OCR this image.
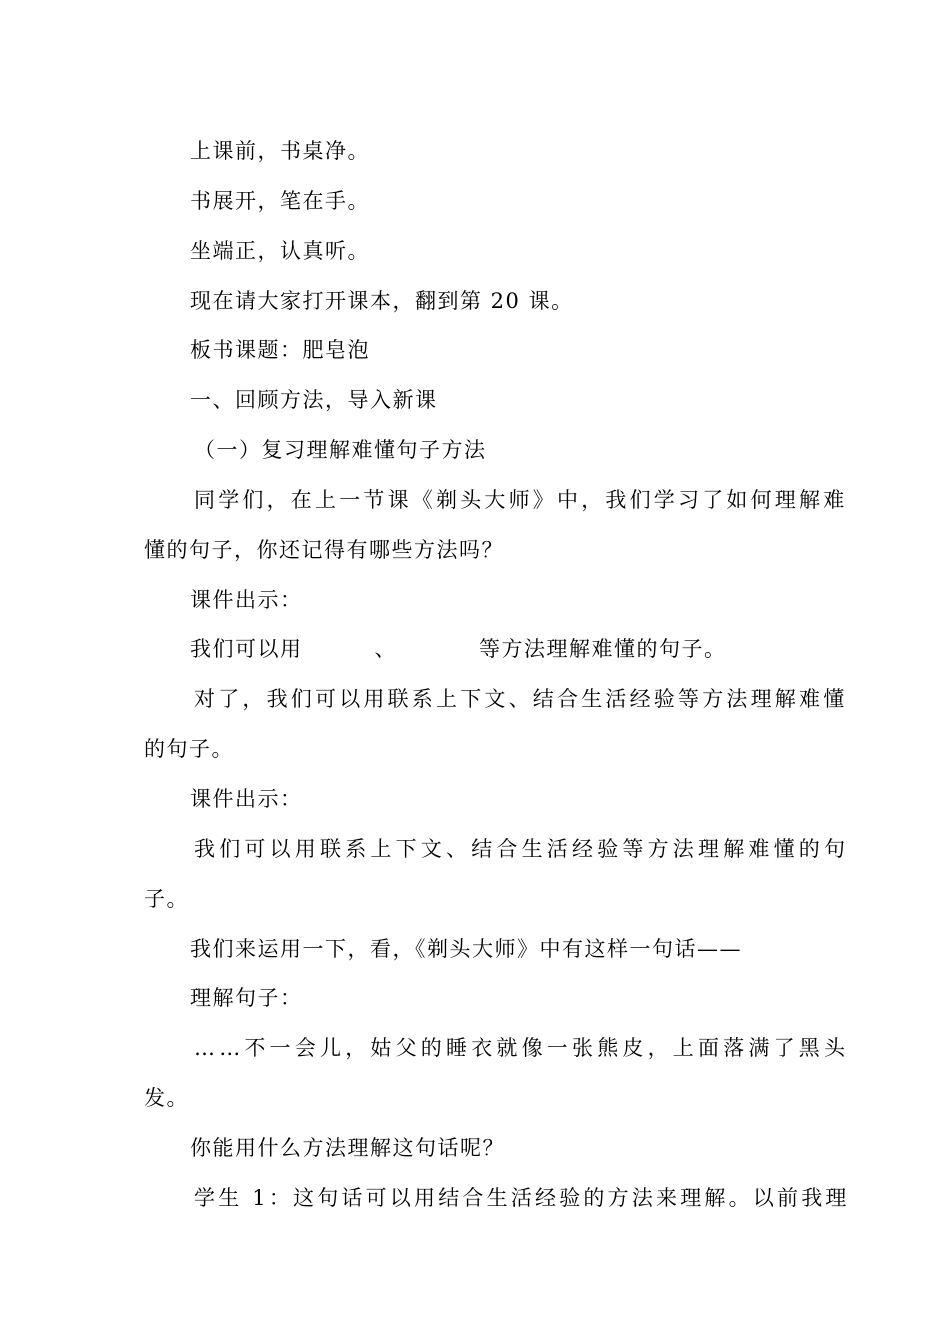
上课前，书桌净。
书展开，笔在手。
坐端正，认真听。
现在请大家打开课本，翻到第 20 课。
板书课题：肥皂泡
一、回顾方法，导入新课
（一）复习理解难懂句子方法
同学们，在上一节课《剃头大师》中，我们学习了如何理解难
懂的句子，你还记得有哪些方法吗？
课件出示：
我们可以用	、	等方法理解难懂的句子。
对了，我们可以用联系上下文、结合生活经验等方法理解难懂
的句子。
课件出示：
我们可以用联系上下文、结合生活经验等方法理解难懂的句
子。
我们来运用一下，看，《剃头大师》中有这样一句话——
理解句子：
……不一会儿，姑父的睡衣就像一张熊皮，上面落满了黑头
发。
你能用什么方法理解这句话呢？
学生 1：这句话可以用结合生活经验的方法来理解。以前我理
